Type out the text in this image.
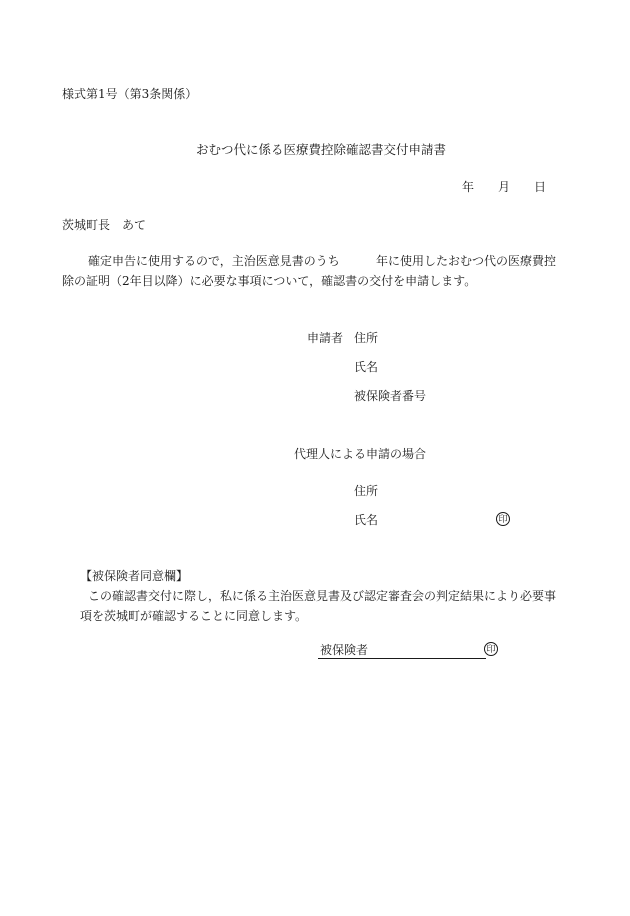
様式第1号（第3条関係）
おむつ代に係る医療費控除確認書交付申請書
年 月 日
茨城町長　あて
確定申告に使用するので，主治医意見書のうち	年に使用したおむつ代の医療費控
除の証明（2年目以降）に必要な事項について，確認書の交付を申請します。
申請者 住所
氏名
被保険者番号
代理人による申請の場合
住所
氏名	印
【被保険者同意欄】
この確認書交付に際し，私に係る主治医意見書及び認定審査会の判定結果により必要事
項を茨城町が確認することに同意します。
被保険者	印
